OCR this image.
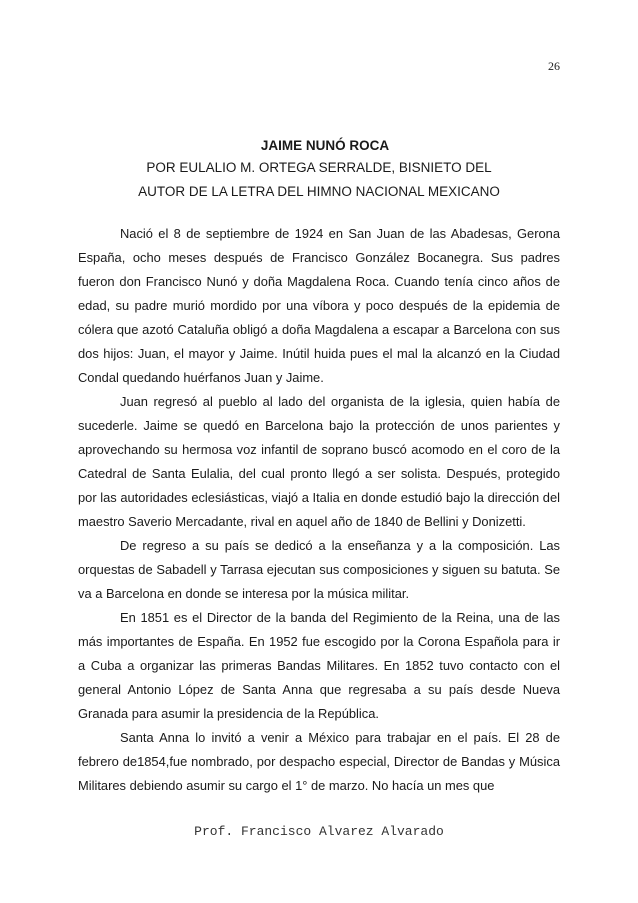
26
JAIME NUNÓ ROCA
POR EULALIO M. ORTEGA SERRALDE, BISNIETO DEL
AUTOR DE LA LETRA DEL HIMNO NACIONAL MEXICANO

Nació el 8 de septiembre de 1924 en San Juan de las Abadesas, Gerona España, ocho meses después de Francisco González Bocanegra. Sus padres fueron don Francisco Nunó y doña Magdalena Roca. Cuando tenía cinco años de edad, su padre murió mordido por una víbora y poco después de la epidemia de cólera que azotó Cataluña obligó a doña Magdalena a escapar a Barcelona con sus dos hijos: Juan, el mayor y Jaime. Inútil huida pues el mal la alcanzó en la Ciudad Condal quedando huérfanos Juan y Jaime.

Juan regresó al pueblo al lado del organista de la iglesia, quien había de sucederle. Jaime se quedó en Barcelona bajo la protección de unos parientes y aprovechando su hermosa voz infantil de soprano buscó acomodo en el coro de la Catedral de Santa Eulalia, del cual pronto llegó a ser solista. Después, protegido por las autoridades eclesiásticas, viajó a Italia en donde estudió bajo la dirección del maestro Saverio Mercadante, rival en aquel año de 1840 de Bellini y Donizetti.

De regreso a su país se dedicó a la enseñanza y a la composición. Las orquestas de Sabadell y Tarrasa ejecutan sus composiciones y siguen su batuta. Se va a Barcelona en donde se interesa por la música militar.

En 1851 es el Director de la banda del Regimiento de la Reina, una de las más importantes de España. En 1952 fue escogido por la Corona Española para ir a Cuba a organizar las primeras Bandas Militares. En 1852 tuvo contacto con el general Antonio López de Santa Anna que regresaba a su país desde Nueva Granada para asumir la presidencia de la República.

Santa Anna lo invitó a venir a México para trabajar en el país. El 28 de febrero de1854,fue nombrado, por despacho especial, Director de Bandas y Música Militares debiendo asumir su cargo el 1° de marzo. No hacía un mes que

Prof. Francisco Alvarez Alvarado
